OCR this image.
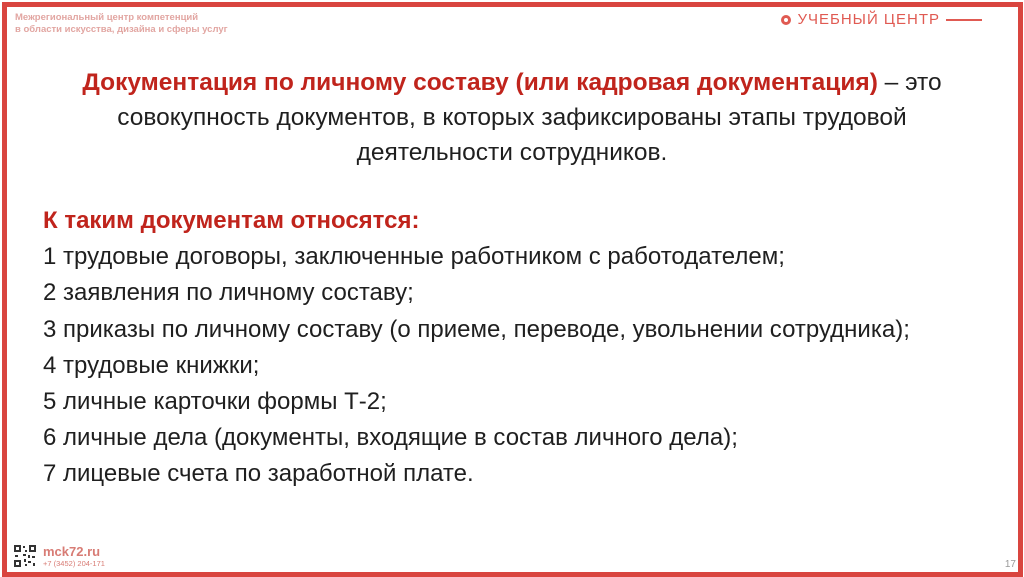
Межрегиональный центр компетенций
в области искусства, дизайна и сферы услуг
УЧЕБНЫЙ ЦЕНТР
Документация по личному составу (или кадровая документация) – это совокупность документов, в которых зафиксированы этапы трудовой деятельности сотрудников.
К таким документам относятся:

1 трудовые договоры, заключенные работником с работодателем;

2 заявления по личному составу;

3 приказы по личному составу (о приеме, переводе, увольнении сотрудника);

4 трудовые книжки;

5 личные карточки формы Т-2;

6 личные дела (документы, входящие в состав личного дела);

7 лицевые счета по заработной плате.

mck72.ru
+7 (3452) 204-171	17
